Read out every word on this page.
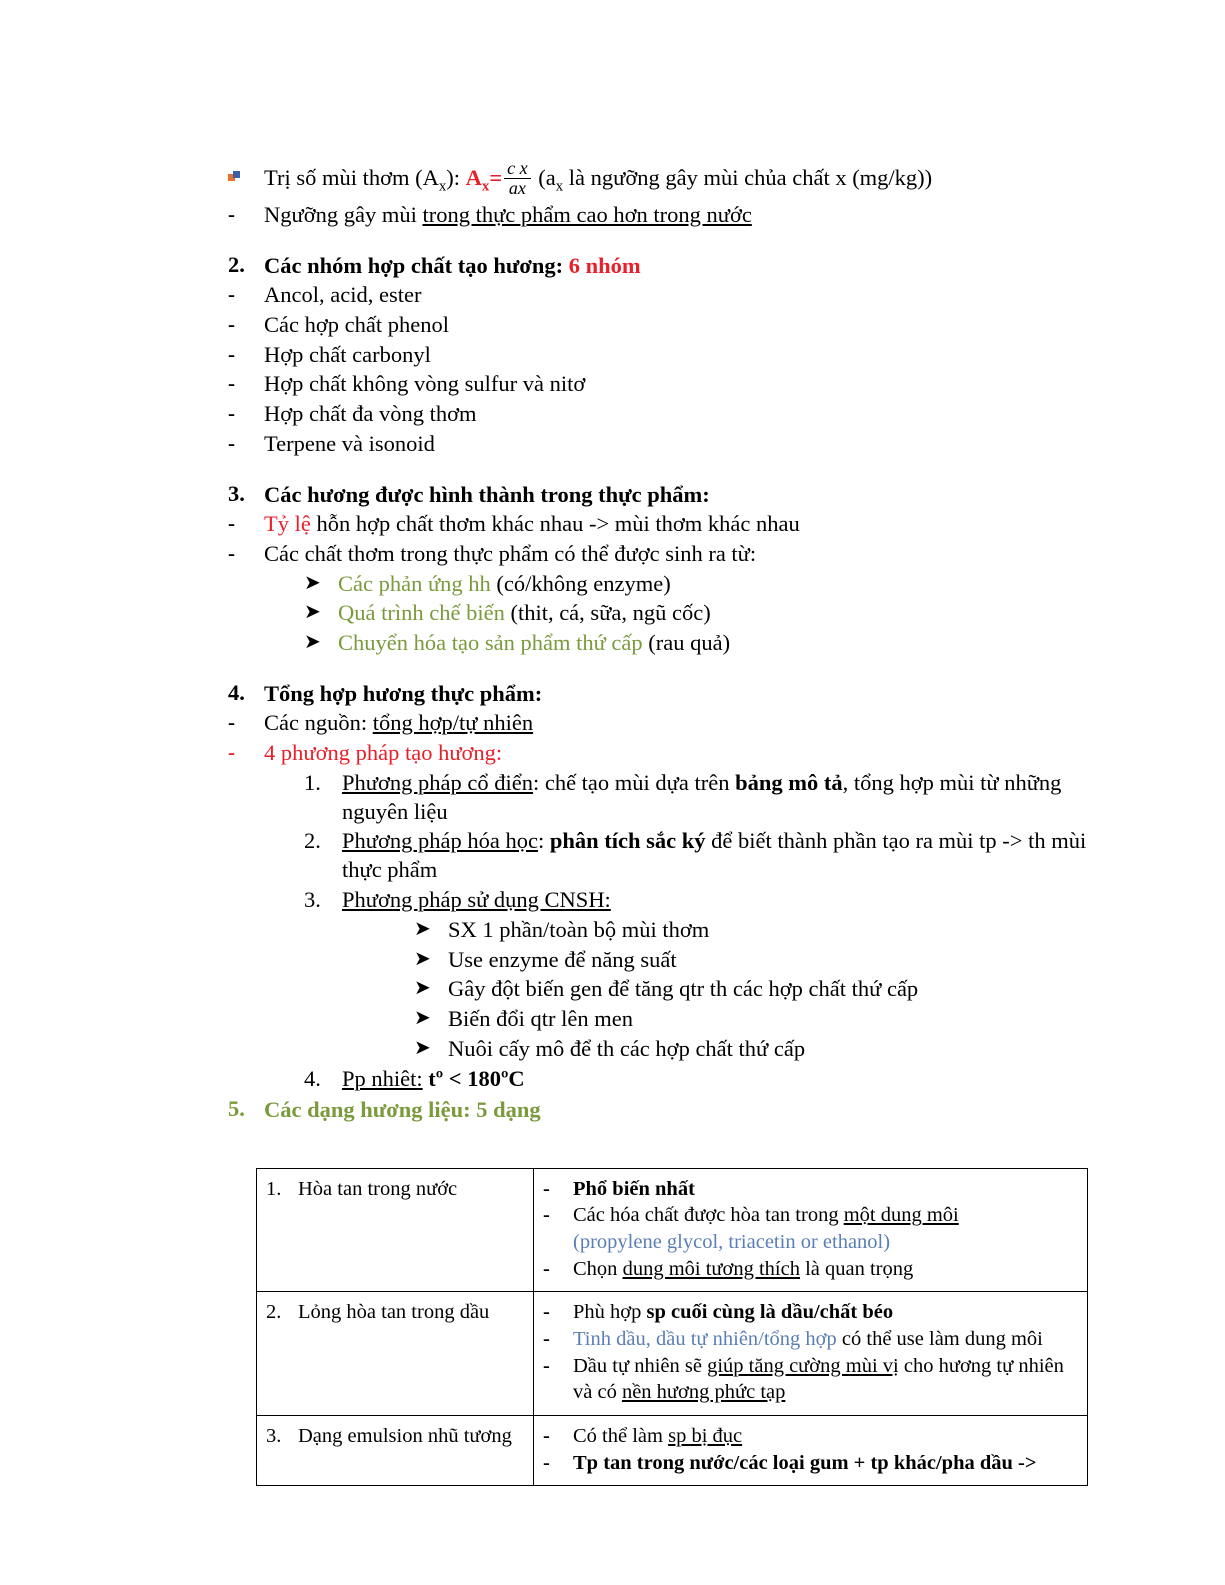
Trị số mùi thơm $(A_x)$: $A_x= \frac{\text{c x}}{ax} (a_x$ là ngưỡng gây mùi chủa chất x (mg/kg))
-	Ngưỡng gây mùi trong thực phẩm cao hơn trong nước
2. Các nhóm hợp chất tạo hương: 6 nhóm
-	Ancol, acid, ester
-	Các hợp chất phenol
-	Hợp chất carbonyl
-	Hợp chất không vòng sulfur và nitơ
-	Hợp chất đa vòng thơm
-	Terpene và isonoid
3. Các hương được hình thành trong thực phẩm:
-	Tỷ lệ hỗn hợp chất thơm khác nhau -> mùi thơm khác nhau
-	Các chất thơm trong thực phẩm có thể được sinh ra từ:
➤ Các phản ứng hh (có/không enzyme)
➤ Quá trình chế biến (thit, cá, sữa, ngũ cốc)
➤ Chuyển hóa tạo sản phẩm thứ cấp (rau quả)
4. Tổng hợp hương thực phẩm:
-	Các nguồn: tổng hợp/tự nhiên
-	4 phương pháp tạo hương:
1. Phương pháp cổ điển: chế tạo mùi dựa trên bảng mô tả, tổng hợp mùi từ những nguyên liệu
2. Phương pháp hóa học: phân tích sắc ký để biết thành phần tạo ra mùi tp -> th mùi thực phẩm
3. Phương pháp sử dụng CNSH:
➤ SX 1 phần/toàn bộ mùi thơm
➤ Use enzyme để năng suất
➤ Gây đột biến gen để tăng qtr th các hợp chất thứ cấp
➤ Biến đổi qtr lên men
➤ Nuôi cấy mô để th các hợp chất thứ cấp
4. Pp nhiêt: tº < 180ºC
5. Các dạng hương liệu: 5 dạng
1. Hòa tan trong nước	-	Phổ biến nhất
-	Các hóa chất được hòa tan trong một dung môi

(propylene glycol, triacetin or ethanol)
-	Chọn dung môi tương thích là quan trọng

2. Lỏng hòa tan trong dầu	-	Phù hợp sp cuối cùng là dầu/chất béo
-	Tinh dầu, dầu tự nhiên/tổng hợp có thể use làm dung môi
-	Dầu tự nhiên sẽ giúp tăng cường mùi vị cho hương tự nhiên và có nền hương phức tạp

3. Dạng emulsion nhũ tương	-	Có thể làm sp bị đục
-	Tp tan trong nước/các loại gum + tp khác/pha dầu ->
